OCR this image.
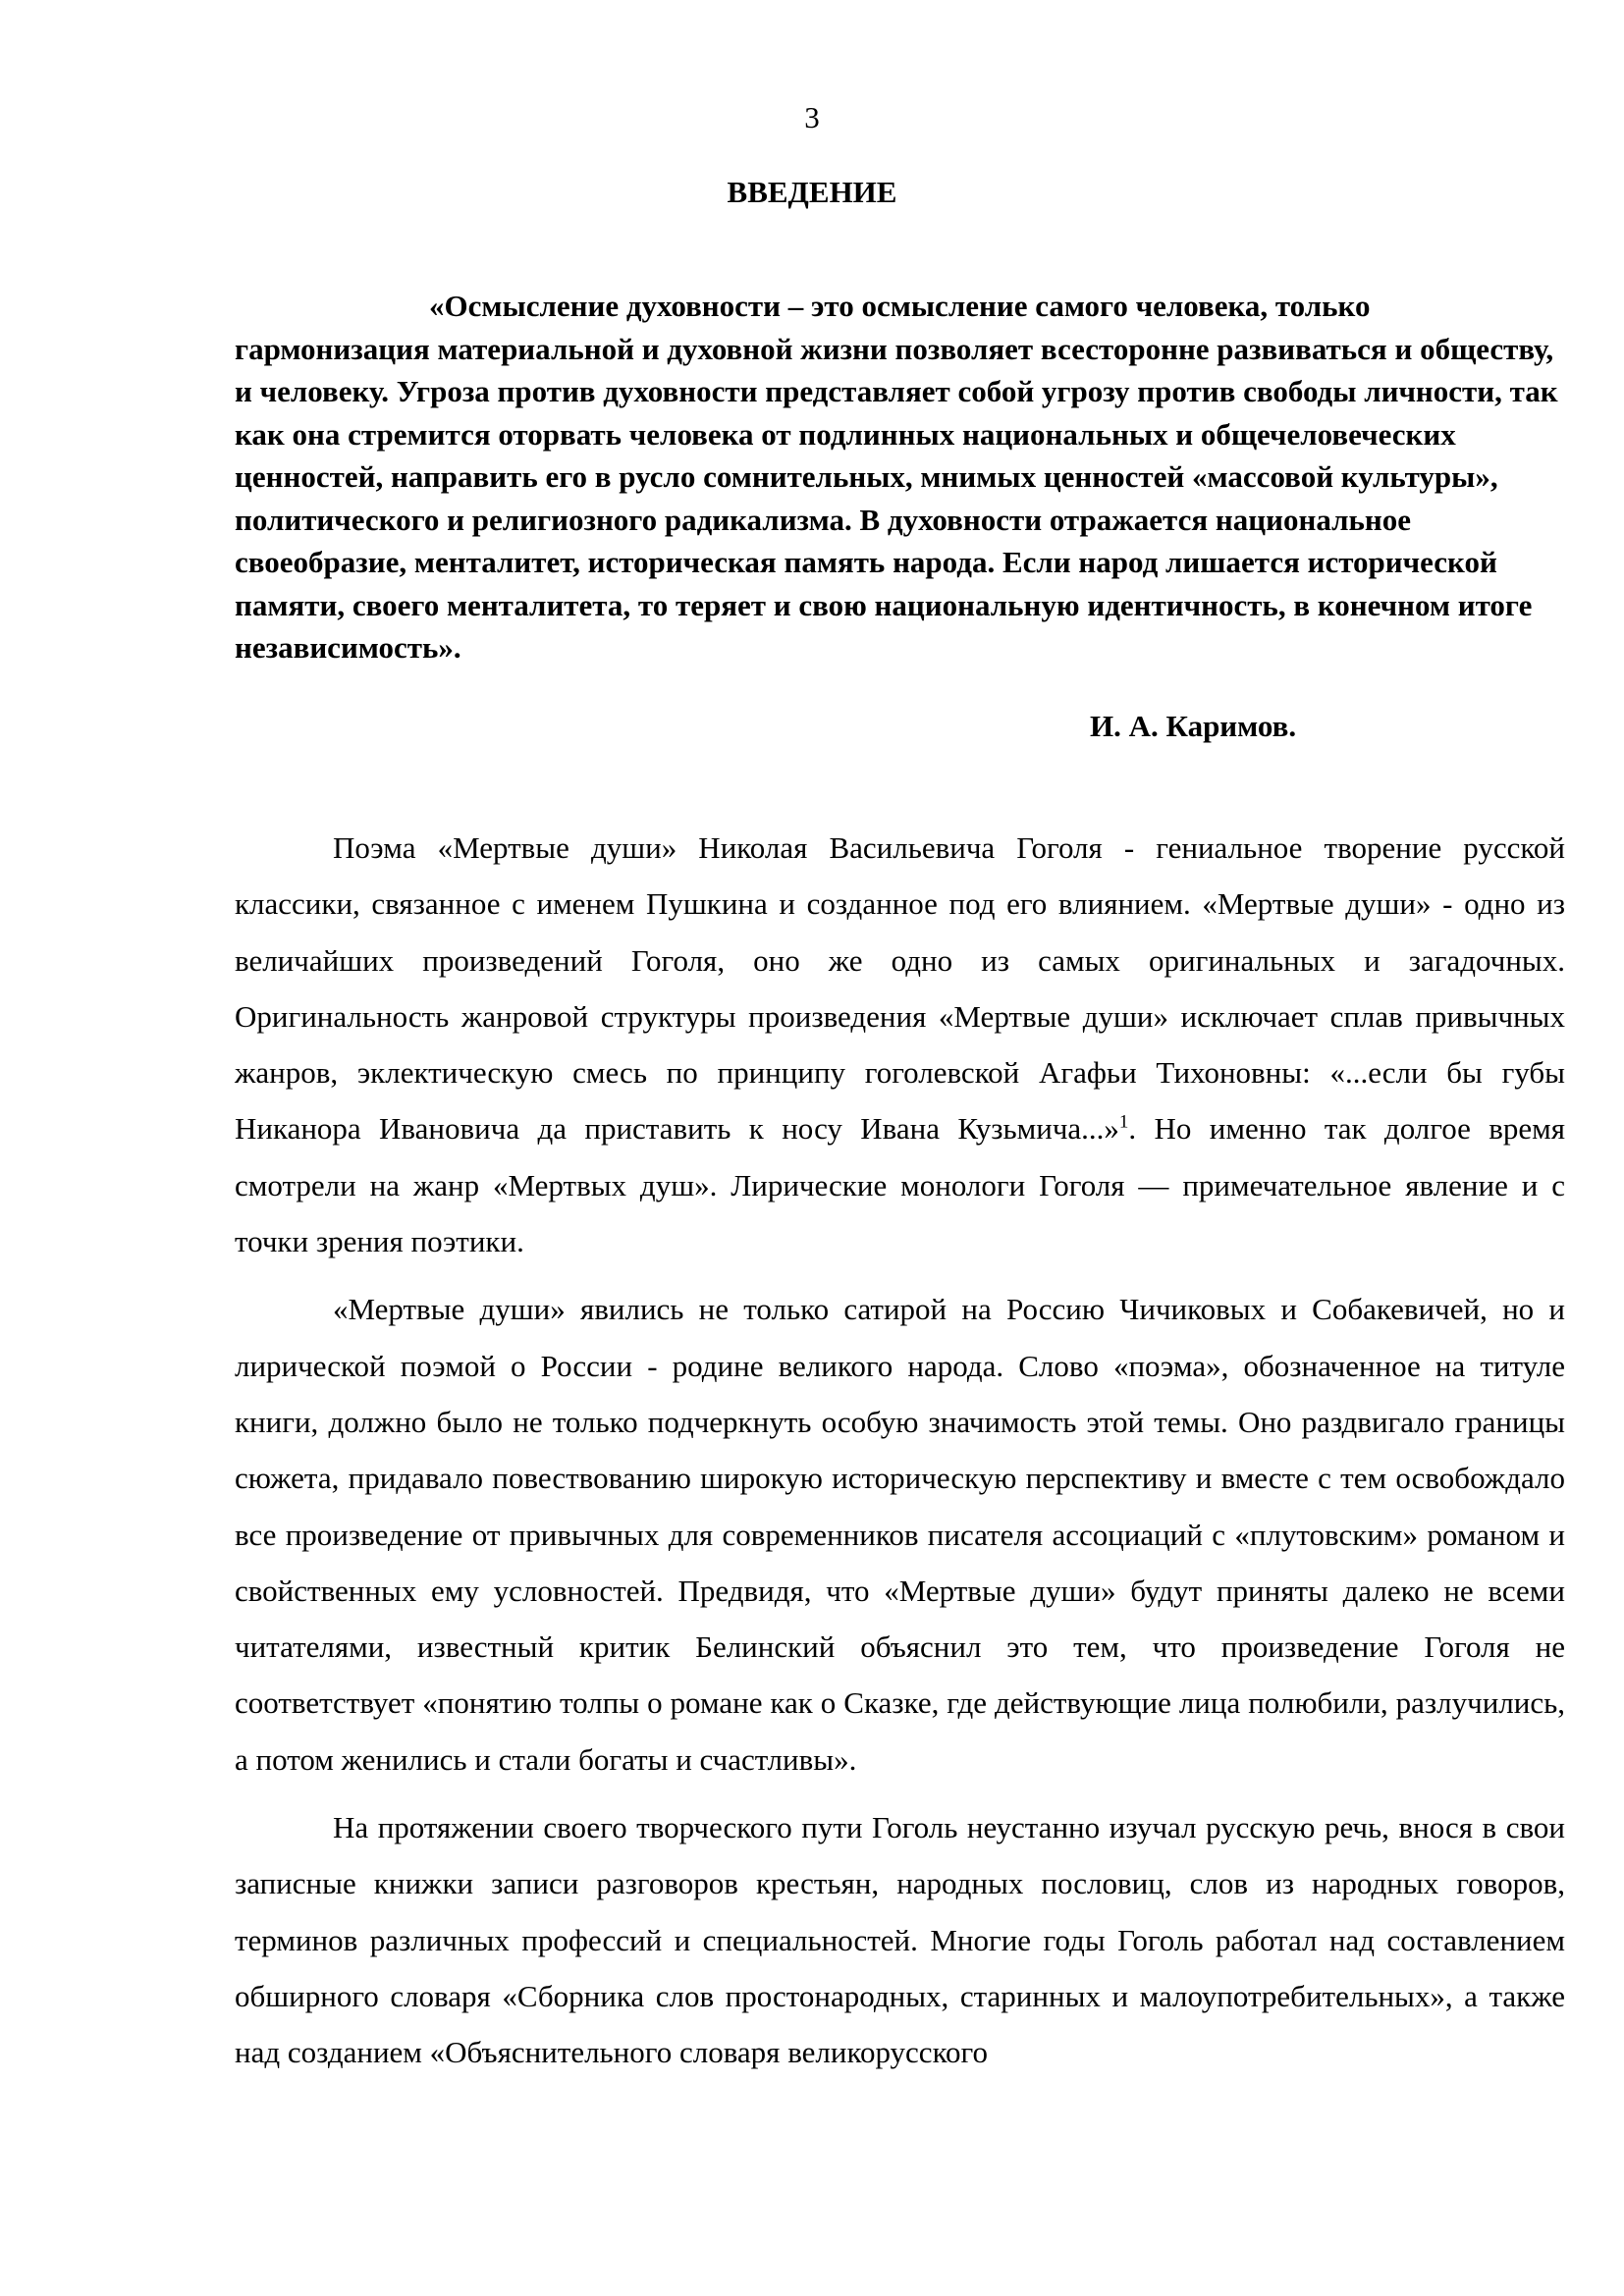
3
ВВЕДЕНИЕ

«Осмысление духовности – это осмысление самого человека, только гармонизация материальной и духовной жизни позволяет всесторонне развиваться и обществу, и человеку. Угроза против духовности представляет собой угрозу против свободы личности, так как она стремится оторвать человека от подлинных национальных и общечеловеческих ценностей, направить его в русло сомнительных, мнимых ценностей «массовой культуры», политического и религиозного радикализма. В духовности отражается национальное своеобразие, менталитет, историческая память народа. Если народ лишается исторической памяти, своего менталитета, то теряет и свою национальную идентичность, в конечном итоге независимость».

И. А. Каримов.

Поэма «Мертвые души» Николая Васильевича Гоголя - гениальное творение русской классики, связанное с именем Пушкина и созданное под его влиянием. «Мертвые души» - одно из величайших произведений Гоголя, оно же одно из самых оригинальных и загадочных. Оригинальность жанровой структуры произведения «Мертвые души» исключает сплав привычных жанров, эклектическую смесь по принципу гоголевской Агафьи Тихоновны: «...если бы губы Никанора Ивановича да приставить к носу Ивана Кузьмича...»$^1$. Но именно так долгое время смотрели на жанр «Мертвых душ». Лирические монологи Гоголя — примечательное явление и с точки зрения поэтики.

«Мертвые души» явились не только сатирой на Россию Чичиковых и Собакевичей, но и лирической поэмой о России - родине великого народа. Слово «поэма», обозначенное на титуле книги, должно было не только подчеркнуть особую значимость этой темы. Оно раздвигало границы сюжета, придавало повествованию широкую историческую перспективу и вместе с тем освобождало все произведение от привычных для современников писателя ассоциаций с «плутовским» романом и свойственных ему условностей. Предвидя, что «Мертвые души» будут приняты далеко не всеми читателями, известный критик Белинский объяснил это тем, что произведение Гоголя не соответствует «понятию толпы о романе как о Сказке, где действующие лица полюбили, разлучились, а потом женились и стали богаты и счастливы».

На протяжении своего творческого пути Гоголь неустанно изучал русскую речь, внося в свои записные книжки записи разговоров крестьян, народных пословиц, слов из народных говоров, терминов различных профессий и специальностей. Многие годы Гоголь работал над составлением обширного словаря «Сборника слов простонародных, старинных и малоупотребительных», а также над созданием «Объяснительного словаря великорусского
